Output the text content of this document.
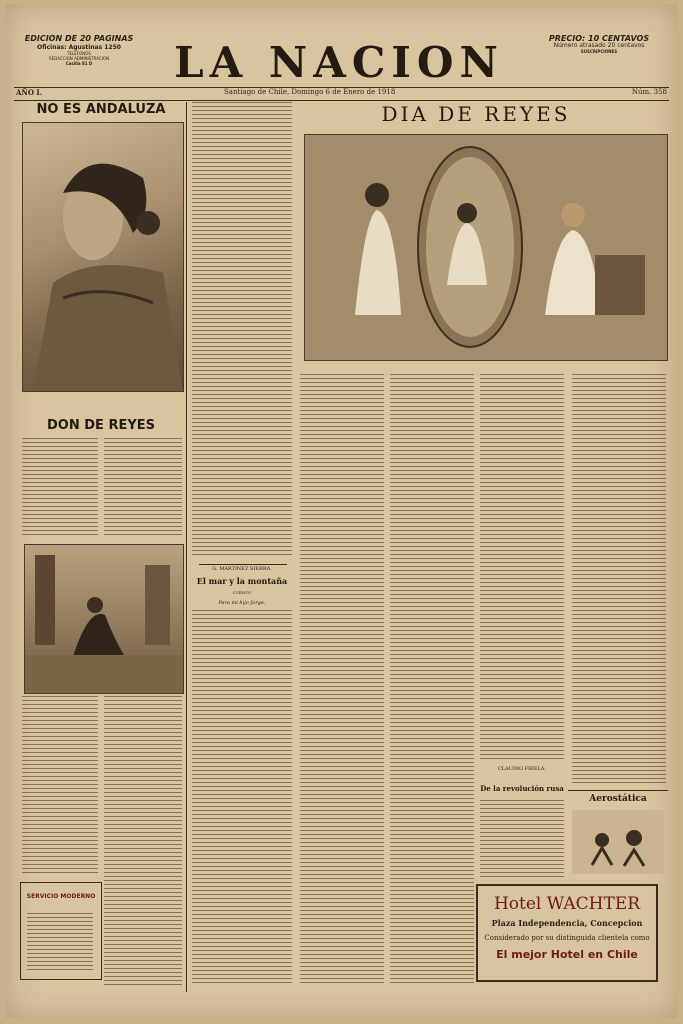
EDICION DE 20 PAGINAS
Oficinas: Agustinas 1250
TELEFONOS
REDACCION ADMINISTRACION
Casilla 81 D	LA NACION	PRECIO: 10 CENTAVOS
Número atrasado 20 centavos
SUSCRIPCIONES
AÑO I.	Santiago de Chile, Domingo 6 de Enero de 1918	Núm. 358
NO ES ANDALUZA
DON DE REYES
SERVICIO MODERNO
DIA DE REYES
G. MARTINEZ SIERRA.
El mar y la montaña
CUENTO
Para mi hijo Jorge.
CLAUDIO FRIELA.
De la revolución rusa
Aerostática
Hotel WACHTER
Plaza Independencia, Concepcion
Considerado por su distinguida clientela como
El mejor Hotel en Chile
